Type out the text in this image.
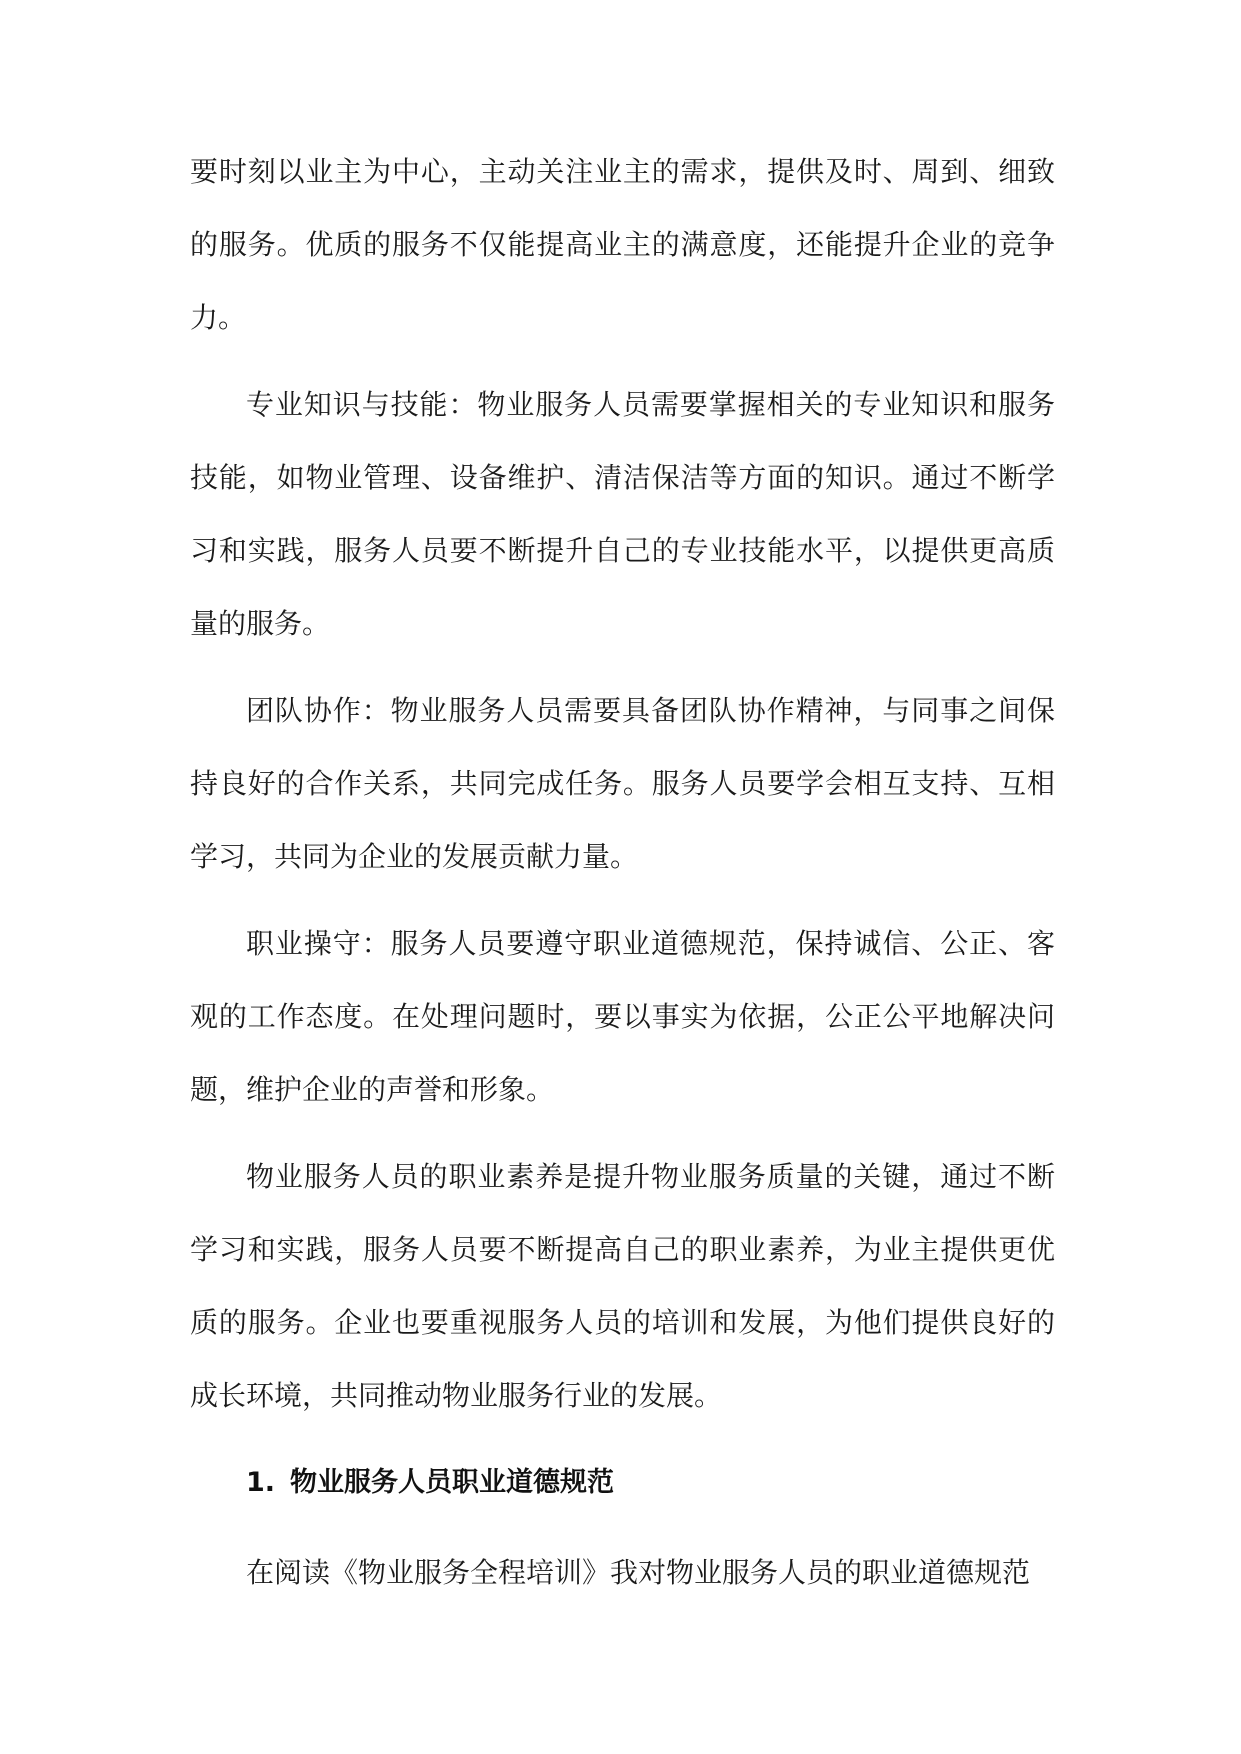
要时刻以业主为中心，主动关注业主的需求，提供及时、周到、细致的服务。优质的服务不仅能提高业主的满意度，还能提升企业的竞争力。

专业知识与技能：物业服务人员需要掌握相关的专业知识和服务技能，如物业管理、设备维护、清洁保洁等方面的知识。通过不断学习和实践，服务人员要不断提升自己的专业技能水平，以提供更高质量的服务。

团队协作：物业服务人员需要具备团队协作精神，与同事之间保持良好的合作关系，共同完成任务。服务人员要学会相互支持、互相学习，共同为企业的发展贡献力量。

职业操守：服务人员要遵守职业道德规范，保持诚信、公正、客观的工作态度。在处理问题时，要以事实为依据，公正公平地解决问题，维护企业的声誉和形象。

物业服务人员的职业素养是提升物业服务质量的关键，通过不断学习和实践，服务人员要不断提高自己的职业素养，为业主提供更优质的服务。企业也要重视服务人员的培训和发展，为他们提供良好的成长环境，共同推动物业服务行业的发展。

1. 物业服务人员职业道德规范

在阅读《物业服务全程培训》我对物业服务人员的职业道德规范
